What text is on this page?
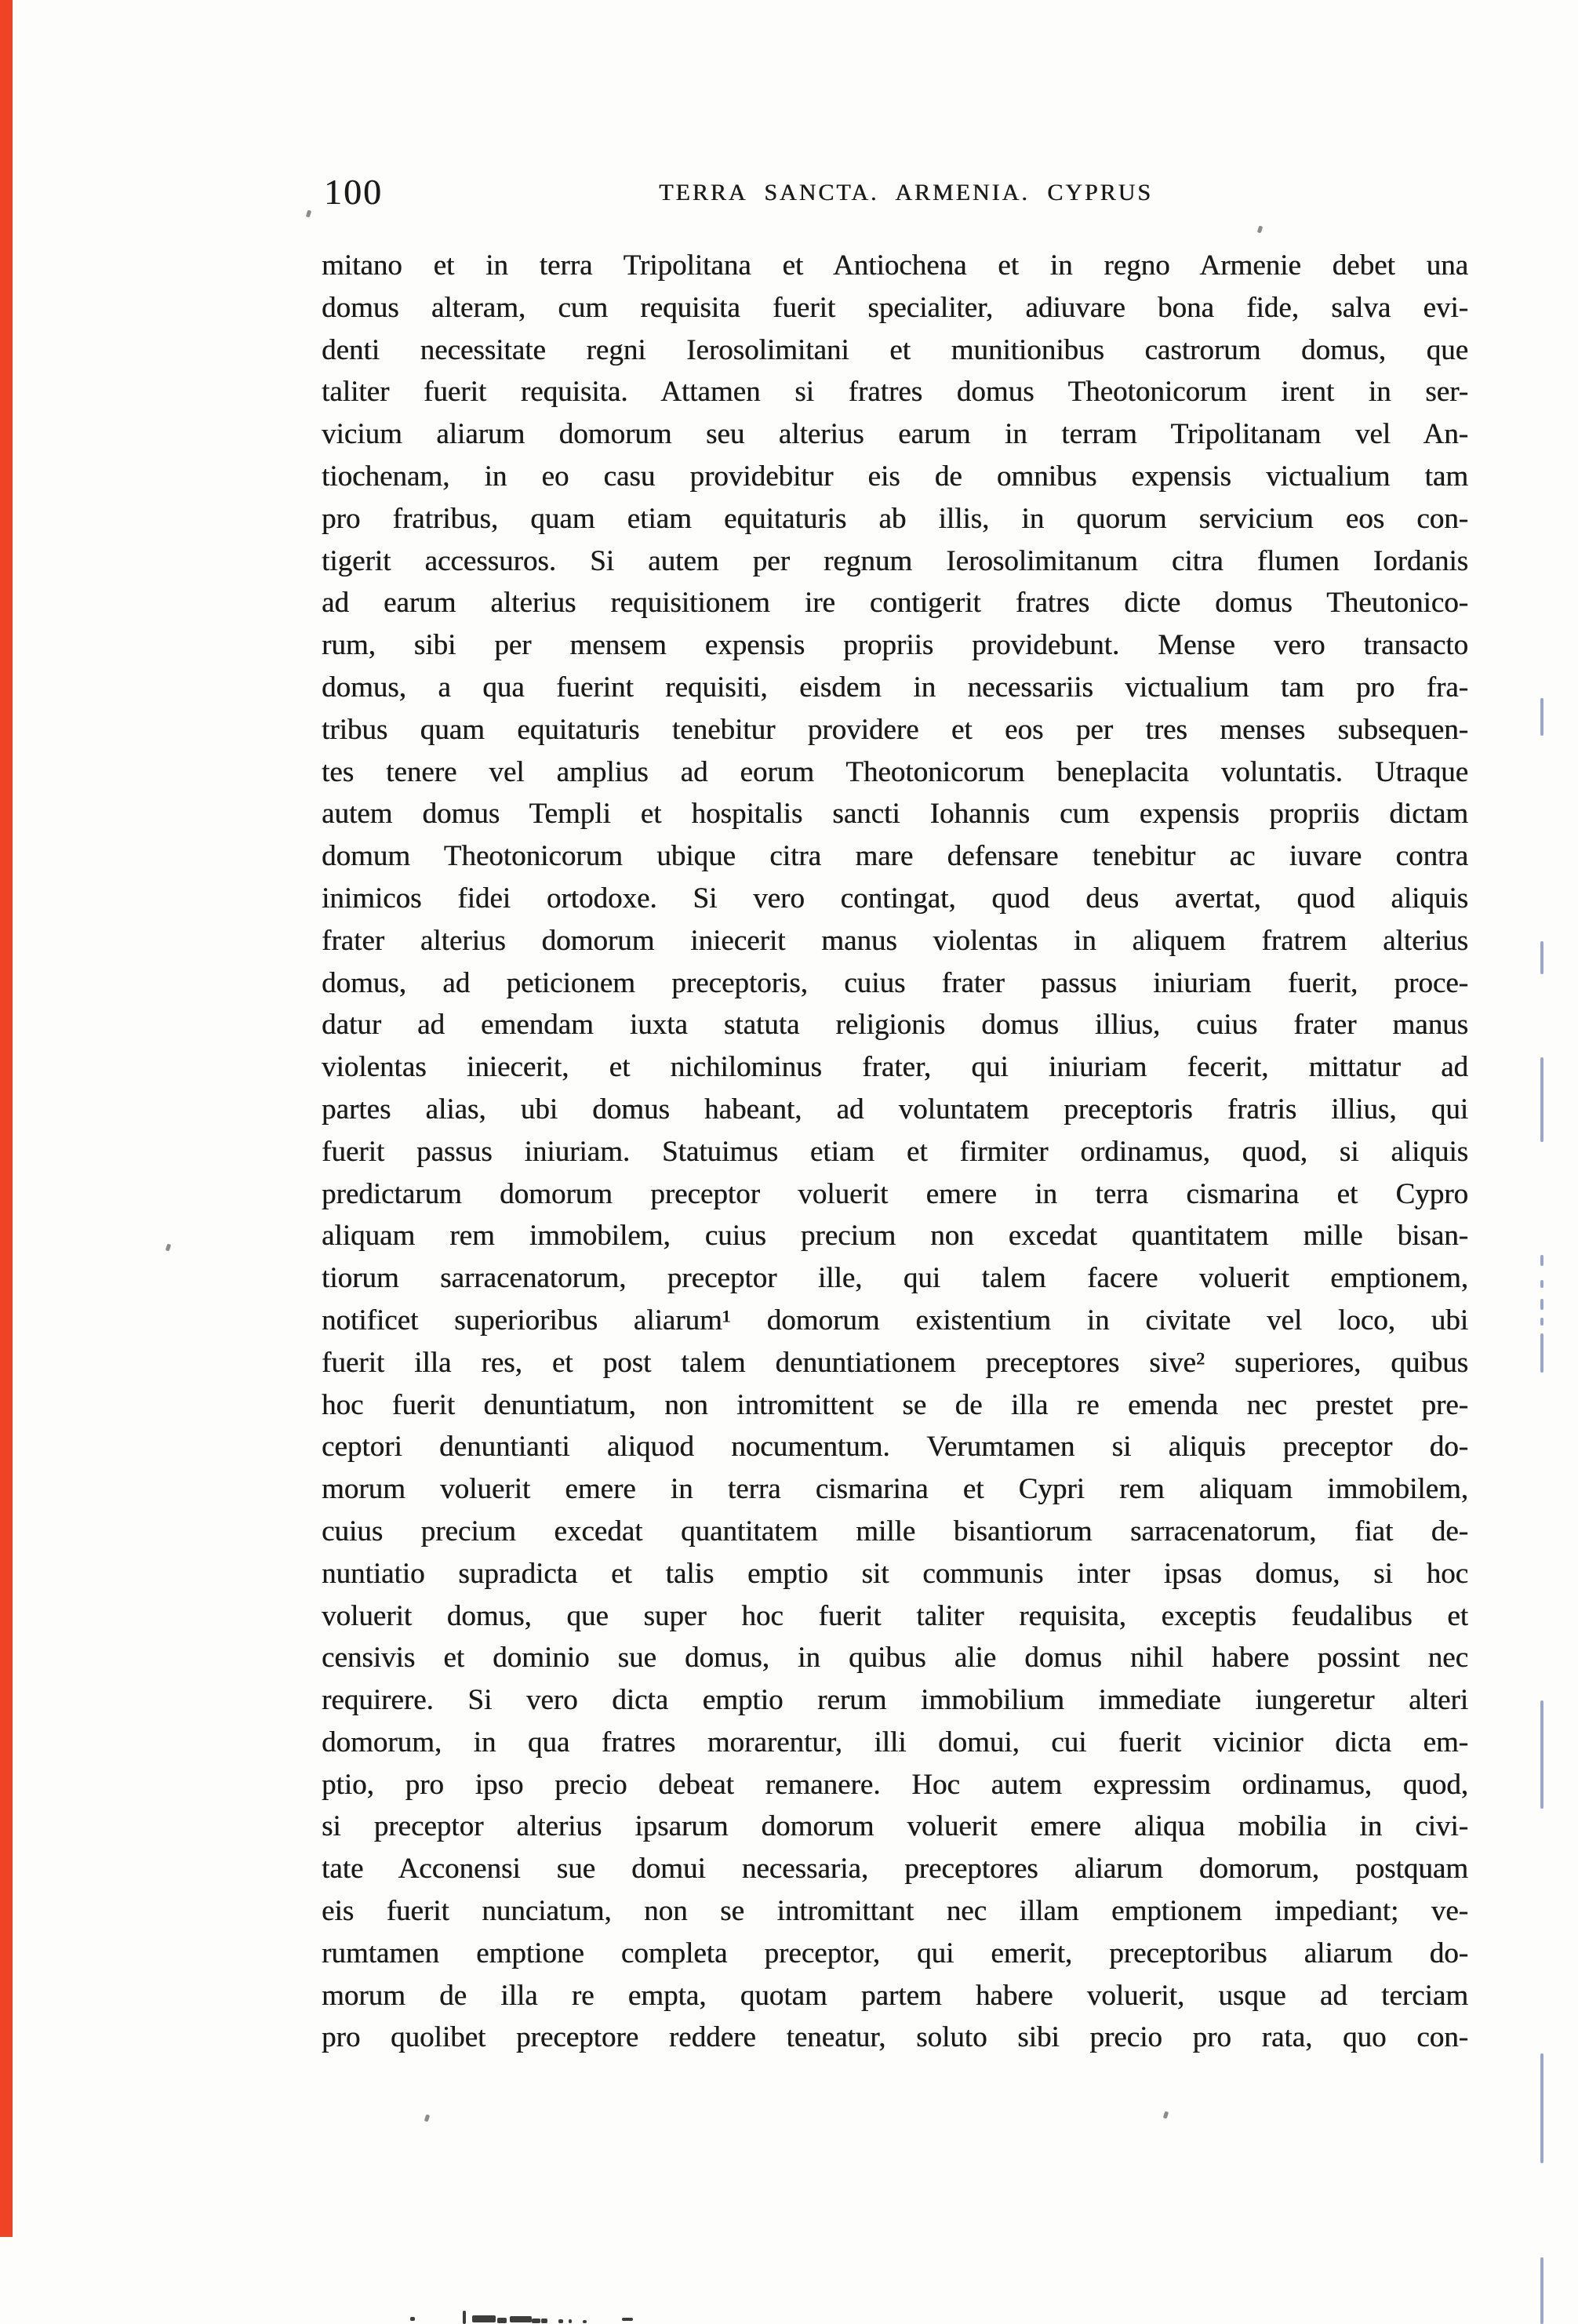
100	TERRA SANCTA. ARMENIA. CYPRUS
mitano et in terra Tripolitana et Antiochena et in regno Armenie debet una
domus alteram, cum requisita fuerit specialiter, adiuvare bona fide, salva evi-
denti necessitate regni Ierosolimitani et munitionibus castrorum domus, que
taliter fuerit requisita. Attamen si fratres domus Theotonicorum irent in ser-
vicium aliarum domorum seu alterius earum in terram Tripolitanam vel An-
tiochenam, in eo casu providebitur eis de omnibus expensis victualium tam
pro fratribus, quam etiam equitaturis ab illis, in quorum servicium eos con-
tigerit accessuros. Si autem per regnum Ierosolimitanum citra flumen Iordanis
ad earum alterius requisitionem ire contigerit fratres dicte domus Theutonico-
rum, sibi per mensem expensis propriis providebunt. Mense vero transacto
domus, a qua fuerint requisiti, eisdem in necessariis victualium tam pro fra-
tribus quam equitaturis tenebitur providere et eos per tres menses subsequen-
tes tenere vel amplius ad eorum Theotonicorum beneplacita voluntatis. Utraque
autem domus Templi et hospitalis sancti Iohannis cum expensis propriis dictam
domum Theotonicorum ubique citra mare defensare tenebitur ac iuvare contra
inimicos fidei ortodoxe. Si vero contingat, quod deus avertat, quod aliquis
frater alterius domorum iniecerit manus violentas in aliquem fratrem alterius
domus, ad peticionem preceptoris, cuius frater passus iniuriam fuerit, proce-
datur ad emendam iuxta statuta religionis domus illius, cuius frater manus
violentas iniecerit, et nichilominus frater, qui iniuriam fecerit, mittatur ad
partes alias, ubi domus habeant, ad voluntatem preceptoris fratris illius, qui
fuerit passus iniuriam. Statuimus etiam et firmiter ordinamus, quod, si aliquis
predictarum domorum preceptor voluerit emere in terra cismarina et Cypro
aliquam rem immobilem, cuius precium non excedat quantitatem mille bisan-
tiorum sarracenatorum, preceptor ille, qui talem facere voluerit emptionem,
notificet superioribus aliarum¹ domorum existentium in civitate vel loco, ubi
fuerit illa res, et post talem denuntiationem preceptores sive² superiores, quibus
hoc fuerit denuntiatum, non intromittent se de illa re emenda nec prestet pre-
ceptori denuntianti aliquod nocumentum. Verumtamen si aliquis preceptor do-
morum voluerit emere in terra cismarina et Cypri rem aliquam immobilem,
cuius precium excedat quantitatem mille bisantiorum sarracenatorum, fiat de-
nuntiatio supradicta et talis emptio sit communis inter ipsas domus, si hoc
voluerit domus, que super hoc fuerit taliter requisita, exceptis feudalibus et
censivis et dominio sue domus, in quibus alie domus nihil habere possint nec
requirere. Si vero dicta emptio rerum immobilium immediate iungeretur alteri
domorum, in qua fratres morarentur, illi domui, cui fuerit vicinior dicta em-
ptio, pro ipso precio debeat remanere. Hoc autem expressim ordinamus, quod,
si preceptor alterius ipsarum domorum voluerit emere aliqua mobilia in civi-
tate Acconensi sue domui necessaria, preceptores aliarum domorum, postquam
eis fuerit nunciatum, non se intromittant nec illam emptionem impediant; ve-
rumtamen emptione completa preceptor, qui emerit, preceptoribus aliarum do-
morum de illa re empta, quotam partem habere voluerit, usque ad terciam
pro quolibet preceptore reddere teneatur, soluto sibi precio pro rata, quo con-
